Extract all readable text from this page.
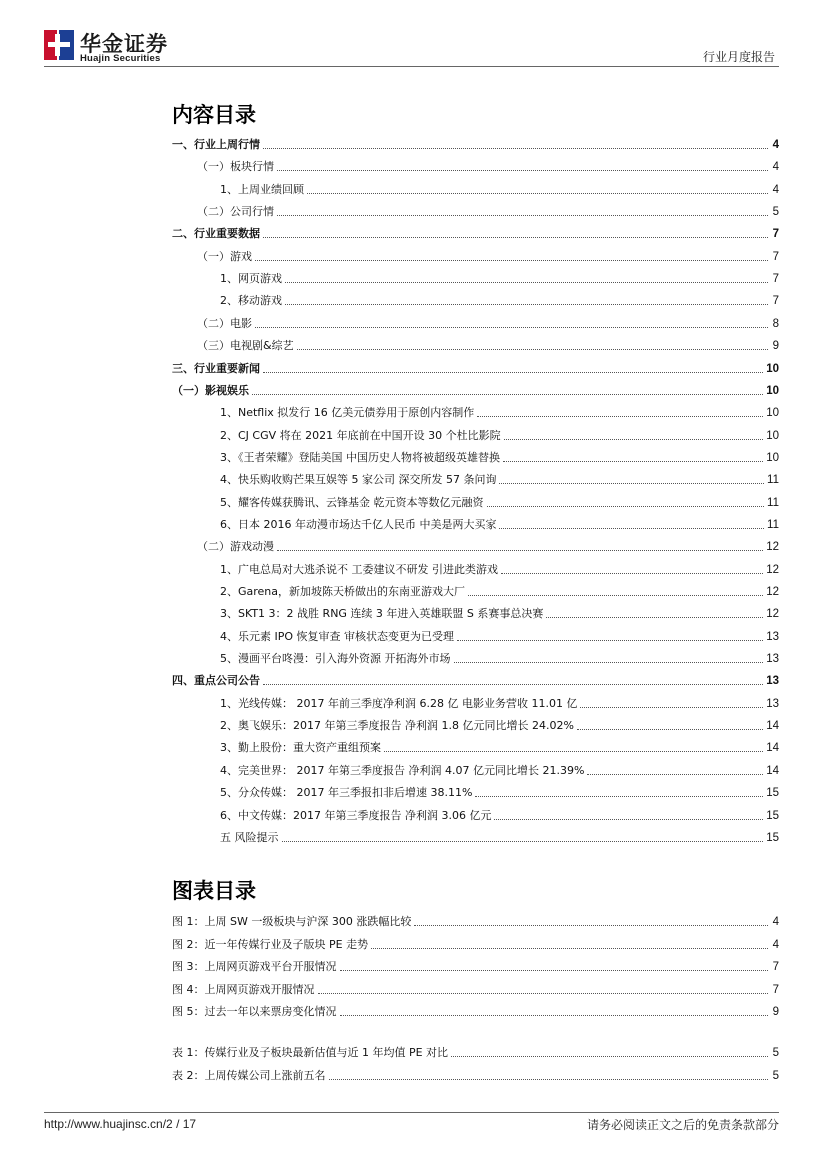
华金证券
Huajin Securities	行业月度报告
内容目录
一、行业上周行情	4
（一）板块行情	4
1、上周业绩回顾	4
（二）公司行情	5
二、行业重要数据	7
（一）游戏	7
1、网页游戏	7
2、移动游戏	7
（二）电影	8
（三）电视剧&综艺	9
三、行业重要新闻	10
（一）影视娱乐	10
1、Netflix 拟发行 16 亿美元债券用于原创内容制作	10
2、CJ CGV 将在 2021 年底前在中国开设 30 个杜比影院	10
3、《王者荣耀》登陆美国 中国历史人物将被超级英雄替换	10
4、快乐购收购芒果互娱等 5 家公司 深交所发 57 条问询	11
5、耀客传媒获腾讯、云锋基金 乾元资本等数亿元融资	11
6、日本 2016 年动漫市场达千亿人民币 中美是两大买家	11
（二）游戏动漫	12
1、广电总局对大逃杀说不 工委建议不研发 引进此类游戏	12
2、Garena，新加坡陈天桥做出的东南亚游戏大厂	12
3、SKT1 3：2 战胜 RNG 连续 3 年进入英雄联盟 S 系赛事总决赛	12
4、乐元素 IPO 恢复审查 审核状态变更为已受理	13
5、漫画平台咚漫：引入海外资源 开拓海外市场	13
四、重点公司公告	13
1、光线传媒： 2017 年前三季度净利润 6.28 亿 电影业务营收 11.01 亿	13
2、奥飞娱乐：2017 年第三季度报告 净利润 1.8 亿元同比增长 24.02%	14
3、勤上股份：重大资产重组预案	14
4、完美世界： 2017 年第三季度报告 净利润 4.07 亿元同比增长 21.39%	14
5、分众传媒： 2017 年三季报扣非后增速 38.11%	15
6、中文传媒：2017 年第三季度报告 净利润 3.06 亿元	15
五 风险提示	15
图表目录
图 1：上周 SW 一级板块与沪深 300 涨跌幅比较	4
图 2：近一年传媒行业及子版块 PE 走势	4
图 3：上周网页游戏平台开服情况	7
图 4：上周网页游戏开服情况	7
图 5：过去一年以来票房变化情况	9
表 1：传媒行业及子板块最新估值与近 1 年均值 PE 对比	5
表 2：上周传媒公司上涨前五名	5
http://www.huajinsc.cn/2 / 17	请务必阅读正文之后的免责条款部分
